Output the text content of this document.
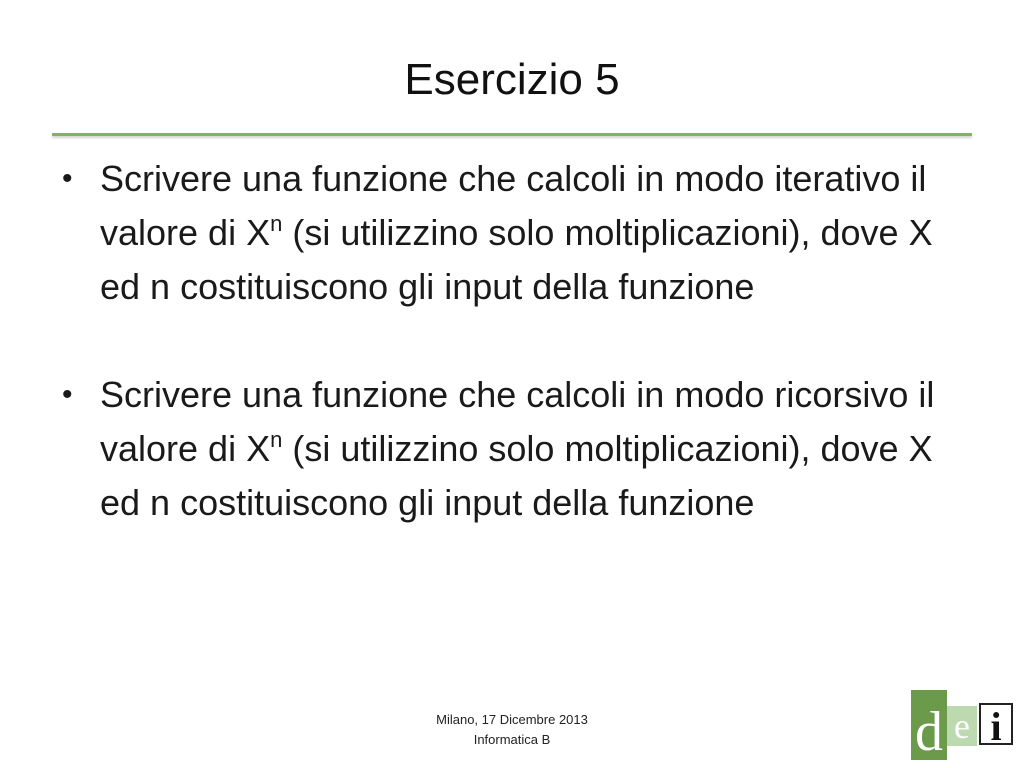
Esercizio 5
• Scrivere una funzione che calcoli in modo iterativo il valore di $X^n$ (si utilizzino solo moltiplicazioni), dove X ed n costituiscono gli input della funzione
• Scrivere una funzione che calcoli in modo ricorsivo il valore di $X^n$ (si utilizzino solo moltiplicazioni), dove X ed n costituiscono gli input della funzione
Milano, 17 Dicembre 2013
Informatica B	d e i
